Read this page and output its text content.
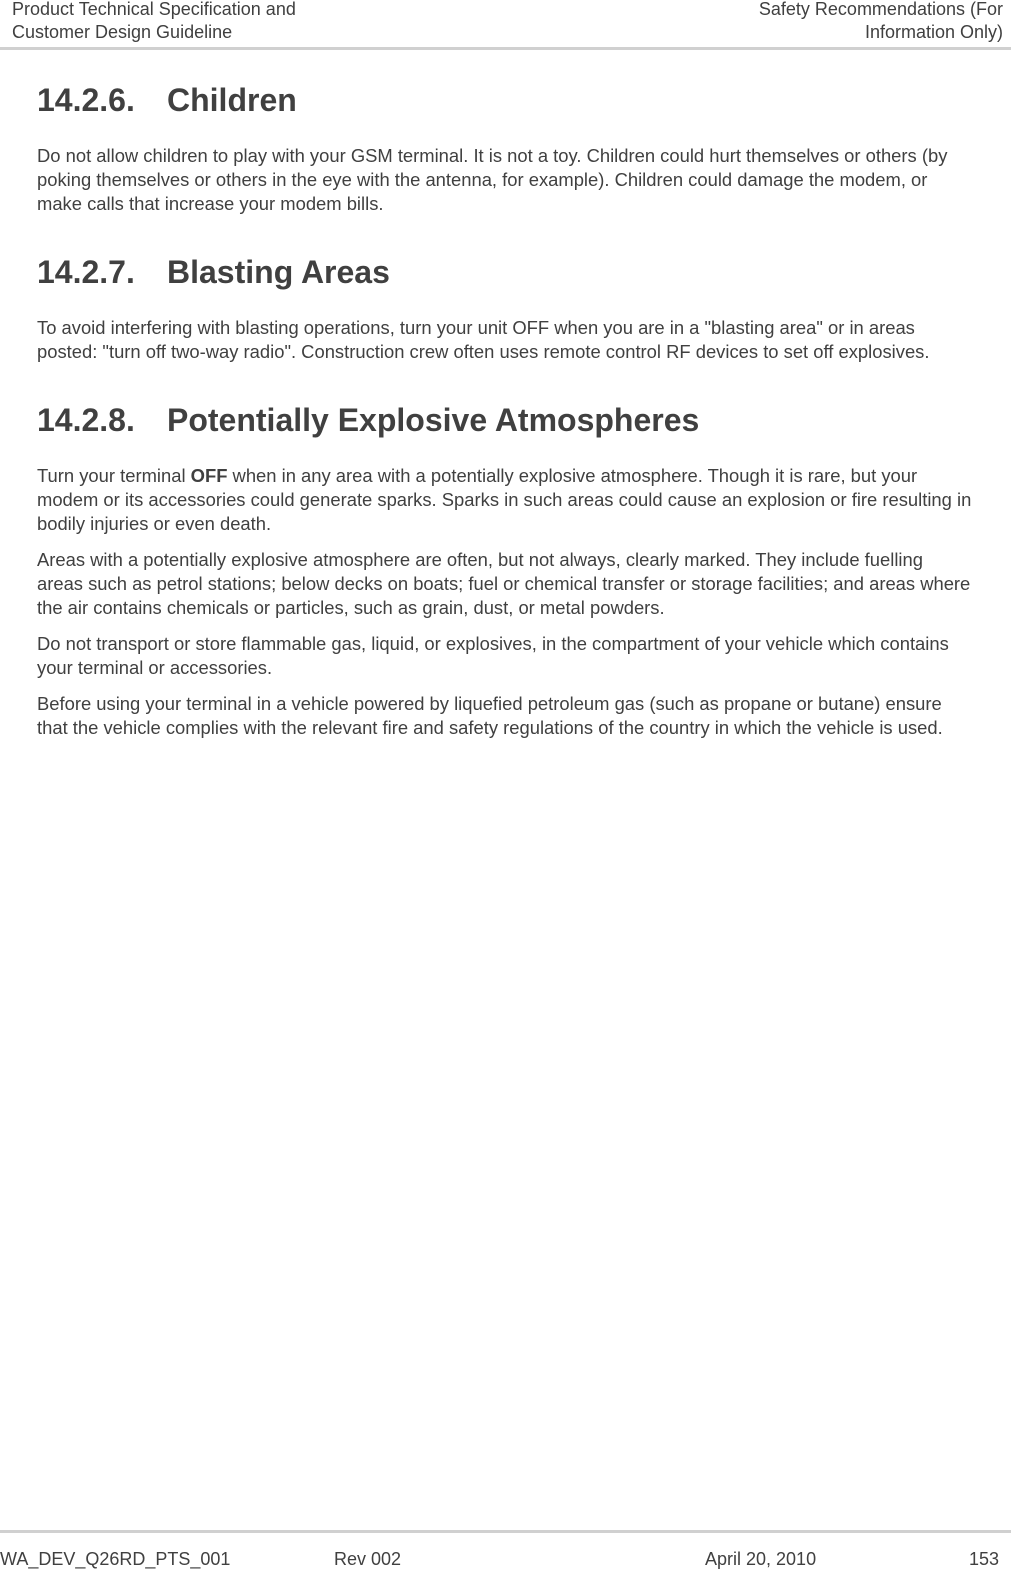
Product Technical Specification and
Customer Design Guideline
Safety Recommendations (For
Information Only)
14.2.6.	Children

Do not allow children to play with your GSM terminal. It is not a toy. Children could hurt themselves or others (by poking themselves or others in the eye with the antenna, for example). Children could damage the modem, or make calls that increase your modem bills.

14.2.7.	Blasting Areas

To avoid interfering with blasting operations, turn your unit OFF when you are in a "blasting area" or in areas posted: "turn off two-way radio". Construction crew often uses remote control RF devices to set off explosives.

14.2.8.	Potentially Explosive Atmospheres

Turn your terminal OFF when in any area with a potentially explosive atmosphere. Though it is rare, but your modem or its accessories could generate sparks. Sparks in such areas could cause an explosion or fire resulting in bodily injuries or even death.

Areas with a potentially explosive atmosphere are often, but not always, clearly marked. They include fuelling areas such as petrol stations; below decks on boats; fuel or chemical transfer or storage facilities; and areas where the air contains chemicals or particles, such as grain, dust, or metal powders.

Do not transport or store flammable gas, liquid, or explosives, in the compartment of your vehicle which contains your terminal or accessories.

Before using your terminal in a vehicle powered by liquefied petroleum gas (such as propane or butane) ensure that the vehicle complies with the relevant fire and safety regulations of the country in which the vehicle is used.

WA_DEV_Q26RD_PTS_001	Rev 002	April 20, 2010	153
